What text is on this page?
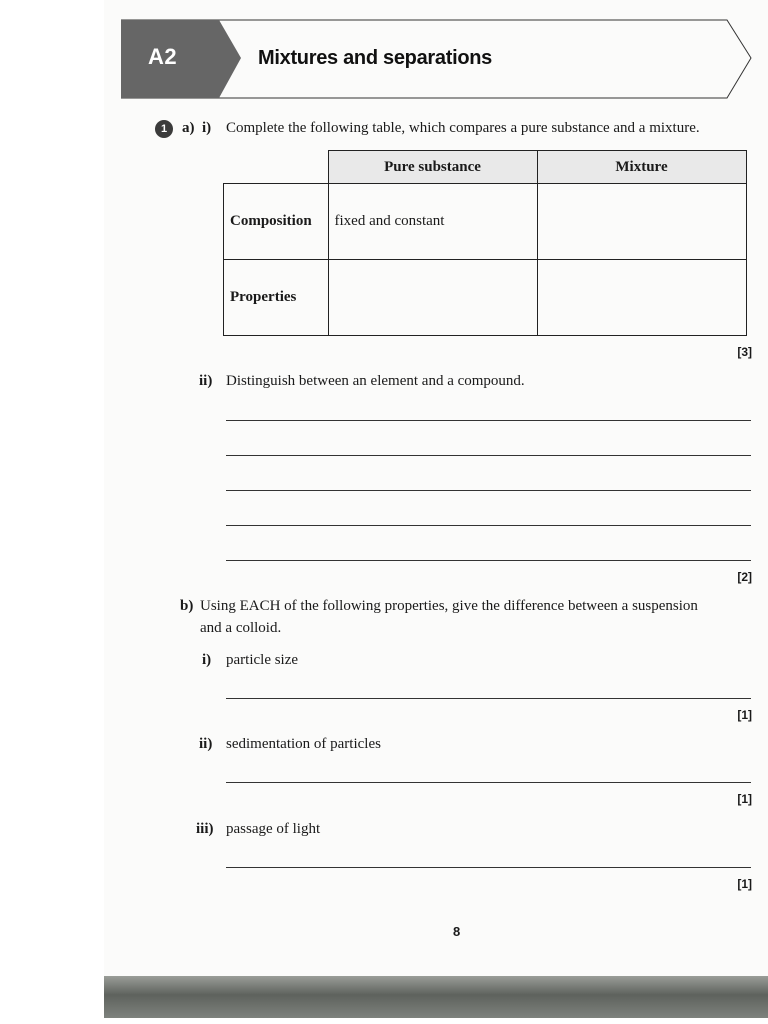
A2	Mixtures and separations
1 a) i) Complete the following table, which compares a pure substance and a mixture.
	Pure substance	Mixture
Composition	fixed and constant	
Properties		
[3]
ii) Distinguish between an element and a compound.
[2]
b) Using EACH of the following properties, give the difference between a suspension
and a colloid.
i) particle size
[1]
ii) sedimentation of particles
[1]
iii) passage of light
[1]
8
